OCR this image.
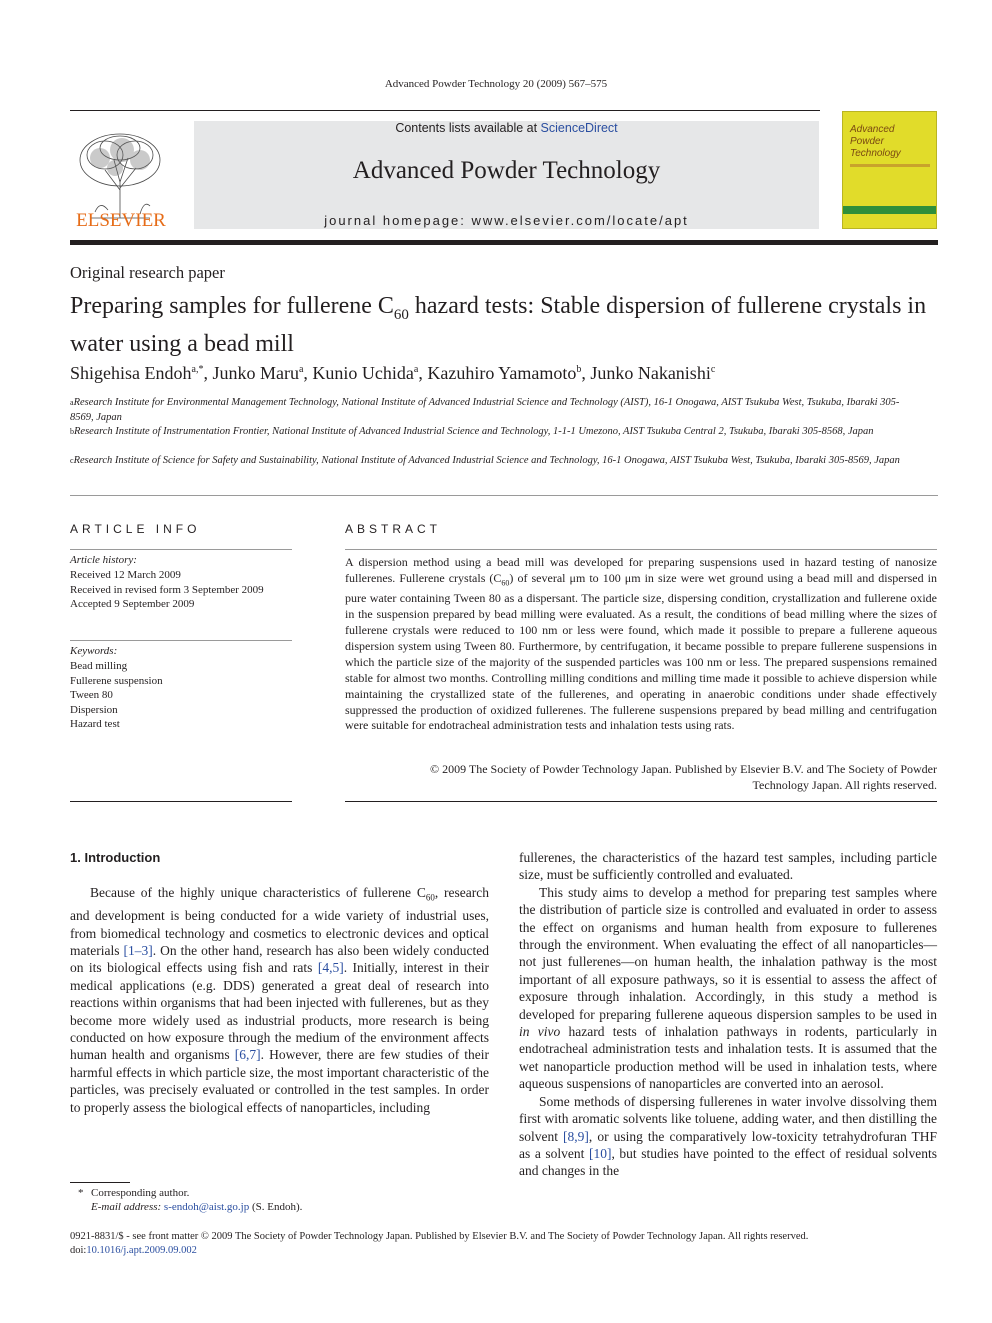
Advanced Powder Technology 20 (2009) 567–575
ELSEVIER
Contents lists available at ScienceDirect
Advanced Powder Technology
journal homepage: www.elsevier.com/locate/apt
Advanced Powder Technology
Original research paper
Preparing samples for fullerene $C_{60}$ hazard tests: Stable dispersion of fullerene crystals in water using a bead mill
Shigehisa Endoh$^{a,*}$, Junko Maru$^a$, Kunio Uchida$^a$, Kazuhiro Yamamoto$^b$, Junko Nakanishi$^c$
$^a$Research Institute for Environmental Management Technology, National Institute of Advanced Industrial Science and Technology (AIST), 16-1 Onogawa, AIST Tsukuba West, Tsukuba, Ibaraki 305-8569, Japan
$^b$Research Institute of Instrumentation Frontier, National Institute of Advanced Industrial Science and Technology, 1-1-1 Umezono, AIST Tsukuba Central 2, Tsukuba, Ibaraki 305-8568, Japan
$^c$Research Institute of Science for Safety and Sustainability, National Institute of Advanced Industrial Science and Technology, 16-1 Onogawa, AIST Tsukuba West, Tsukuba, Ibaraki 305-8569, Japan
ARTICLE INFO
Article history:
Received 12 March 2009
Received in revised form 3 September 2009
Accepted 9 September 2009
Keywords:
Bead milling
Fullerene suspension
Tween 80
Dispersion
Hazard test
ABSTRACT
A dispersion method using a bead mill was developed for preparing suspensions used in hazard testing of nanosize fullerenes. Fullerene crystals $(C_{60})$ of several μm to 100 μm in size were wet ground using a bead mill and dispersed in pure water containing Tween 80 as a dispersant. The particle size, dispersing condition, crystallization and fullerene oxide in the suspension prepared by bead milling were evaluated. As a result, the conditions of bead milling where the sizes of fullerene crystals were reduced to 100 nm or less were found, which made it possible to prepare a fullerene aqueous dispersion system using Tween 80. Furthermore, by centrifugation, it became possible to prepare fullerene suspensions in which the particle size of the majority of the suspended particles was 100 nm or less. The prepared suspensions remained stable for almost two months. Controlling milling conditions and milling time made it possible to achieve dispersion while maintaining the crystallized state of the fullerenes, and operating in anaerobic conditions under shade effectively suppressed the production of oxidized fullerenes. The fullerene suspensions prepared by bead milling and centrifugation were suitable for endotracheal administration tests and inhalation tests using rats.
© 2009 The Society of Powder Technology Japan. Published by Elsevier B.V. and The Society of Powder
Technology Japan. All rights reserved.
1. Introduction

Because of the highly unique characteristics of fullerene $C_{60}$, research and development is being conducted for a wide variety of industrial uses, from biomedical technology and cosmetics to electronic devices and optical materials [1–3]. On the other hand, research has also been widely conducted on its biological effects using fish and rats [4,5]. Initially, interest in their medical applications (e.g. DDS) generated a great deal of research into reactions within organisms that had been injected with fullerenes, but as they become more widely used as industrial products, more research is being conducted on how exposure through the medium of the environment affects human health and organisms [6,7]. However, there are few studies of their harmful effects in which particle size, the most important characteristic of the particles, was precisely evaluated or controlled in the test samples. In order to properly assess the biological effects of nanoparticles, including

fullerenes, the characteristics of the hazard test samples, including particle size, must be sufficiently controlled and evaluated.

This study aims to develop a method for preparing test samples where the distribution of particle size is controlled and evaluated in order to assess the effect on organisms and human health from exposure to fullerenes through the environment. When evaluating the effect of all nanoparticles—not just fullerenes—on human health, the inhalation pathway is the most important of all exposure pathways, so it is essential to assess the affect of exposure through inhalation. Accordingly, in this study a method is developed for preparing fullerene aqueous dispersion samples to be used in in vivo hazard tests of inhalation pathways in rodents, particularly in endotracheal administration tests and inhalation tests. It is assumed that the wet nanoparticle production method will be used in inhalation tests, where aqueous suspensions of nanoparticles are converted into an aerosol.

Some methods of dispersing fullerenes in water involve dissolving them first with aromatic solvents like toluene, adding water, and then distilling the solvent [8,9], or using the comparatively low-toxicity tetrahydrofuran THF as a solvent [10], but studies have pointed to the effect of residual solvents and changes in the

* Corresponding author.
E-mail address: s-endoh@aist.go.jp (S. Endoh).
0921-8831/$ - see front matter © 2009 The Society of Powder Technology Japan. Published by Elsevier B.V. and The Society of Powder Technology Japan. All rights reserved.
doi:10.1016/j.apt.2009.09.002
